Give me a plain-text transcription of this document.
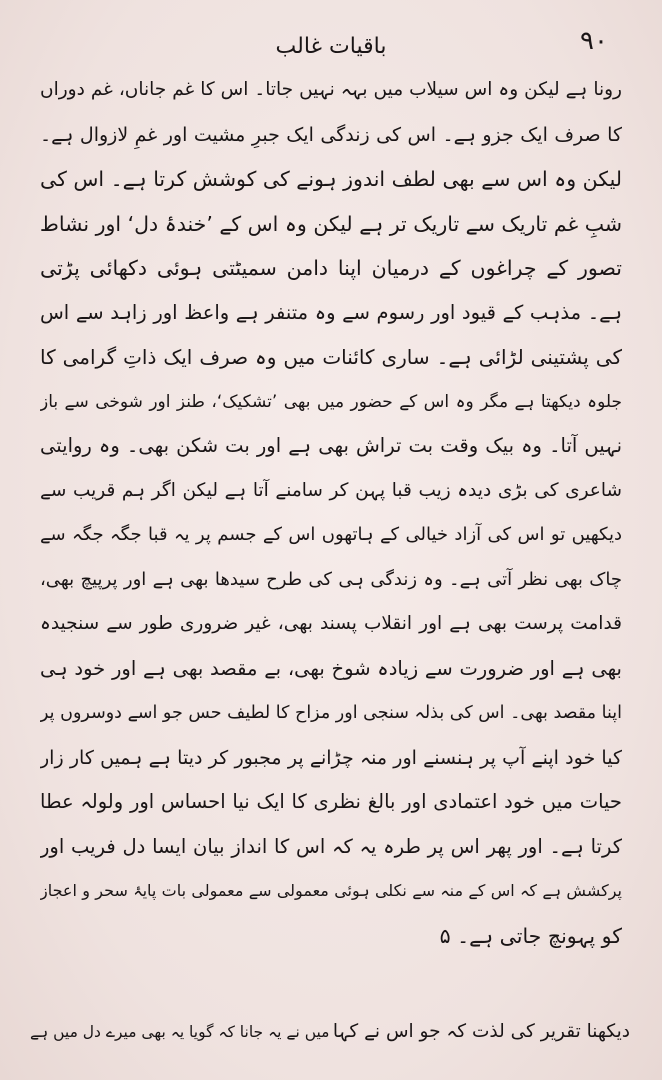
۹۰
باقیات غالب
رونا ہے لیکن وہ اس سیلاب میں بہہ نہیں جاتا۔ اس کا غم جاناں، غم دوراں
کا صرف ایک جزو ہے۔ اس کی زندگی ایک جبرِ مشیت اور غمِ لازوال ہے۔
لیکن وہ اس سے بھی لطف اندوز ہونے کی کوشش کرتا ہے۔ اس کی
شبِ غم تاریک سے تاریک تر ہے لیکن وہ اس کے ’خندۂ دل‘ اور نشاط
تصور کے چراغوں کے درمیان اپنا دامن سمیٹتی ہوئی دکھائی پڑتی
ہے۔ مذہب کے قیود اور رسوم سے وہ متنفر ہے واعظ اور زاہد سے اس
کی پشتینی لڑائی ہے۔ ساری کائنات میں وہ صرف ایک ذاتِ گرامی کا
جلوہ دیکھتا ہے مگر وہ اس کے حضور میں بھی ’تشکیک‘، طنز اور شوخی سے باز
نہیں آتا۔ وہ بیک وقت بت تراش بھی ہے اور بت شکن بھی۔ وہ روایتی
شاعری کی بڑی دیدہ زیب قبا پہن کر سامنے آتا ہے لیکن اگر ہم قریب سے
دیکھیں تو اس کی آزاد خیالی کے ہاتھوں اس کے جسم پر یہ قبا جگہ جگہ سے
چاک بھی نظر آتی ہے۔ وہ زندگی ہی کی طرح سیدھا بھی ہے اور پرپیچ بھی،
قدامت پرست بھی ہے اور انقلاب پسند بھی، غیر ضروری طور سے سنجیدہ
بھی ہے اور ضرورت سے زیادہ شوخ بھی، بے مقصد بھی ہے اور خود ہی
اپنا مقصد بھی۔ اس کی بذلہ سنجی اور مزاح کا لطیف حس جو اسے دوسروں پر
کیا خود اپنے آپ پر ہنسنے اور منہ چڑانے پر مجبور کر دیتا ہے ہمیں کار زار
حیات میں خود اعتمادی اور بالغ نظری کا ایک نیا احساس اور ولولہ عطا
کرتا ہے۔ اور پھر اس پر طرہ یہ کہ اس کا انداز بیان ایسا دل فریب اور
پرکشش ہے کہ اس کے منہ سے نکلی ہوئی معمولی سے معمولی بات پایۂ سحر و اعجاز
کو پہونچ جاتی ہے۔ ۵
دیکھنا تقریر کی لذت کہ جو اس نے کہا
میں نے یہ جانا کہ گویا یہ بھی میرے دل میں ہے
